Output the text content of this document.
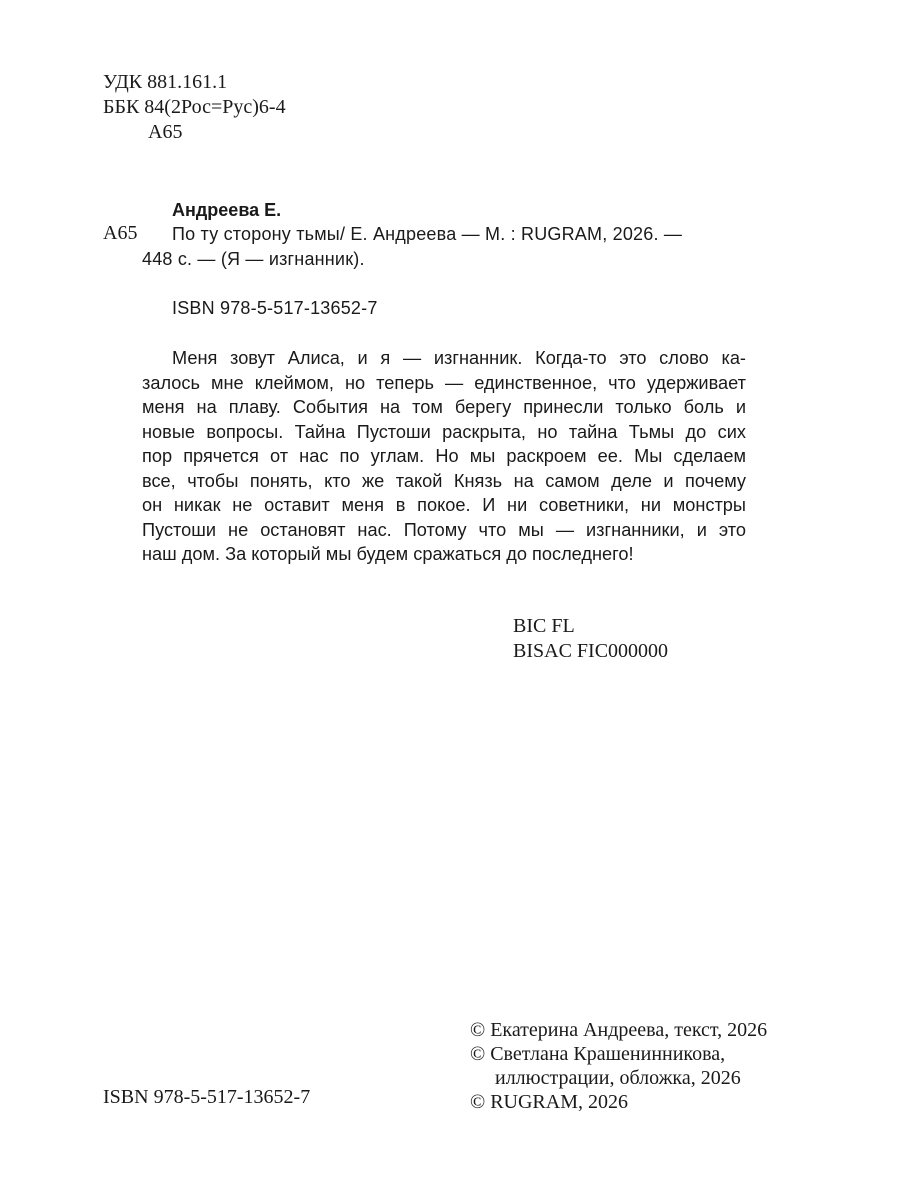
УДК 881.161.1
ББК 84(2Рос=Рус)6-4
А65
Андреева Е.
А65 По ту сторону тьмы/ Е. Андреева — М. : RUGRAM, 2026. —
448 с. — (Я — изгнанник).
ISBN 978-5-517-13652-7
Меня зовут Алиса, и я — изгнанник. Когда-то это слово ка-
залось мне клеймом, но теперь — единственное, что удерживает
меня на плаву. События на том берегу принесли только боль и
новые вопросы. Тайна Пустоши раскрыта, но тайна Тьмы до сих
пор прячется от нас по углам. Но мы раскроем ее. Мы сделаем
все, чтобы понять, кто же такой Князь на самом деле и почему
он никак не оставит меня в покое. И ни советники, ни монстры
Пустоши не остановят нас. Потому что мы — изгнанники, и это
наш дом. За который мы будем сражаться до последнего!
BIC FL
BISAC FIC000000
© Екатерина Андреева, текст, 2026
© Светлана Крашенинникова,
иллюстрации, обложка, 2026
ISBN 978-5-517-13652-7	© RUGRAM, 2026
